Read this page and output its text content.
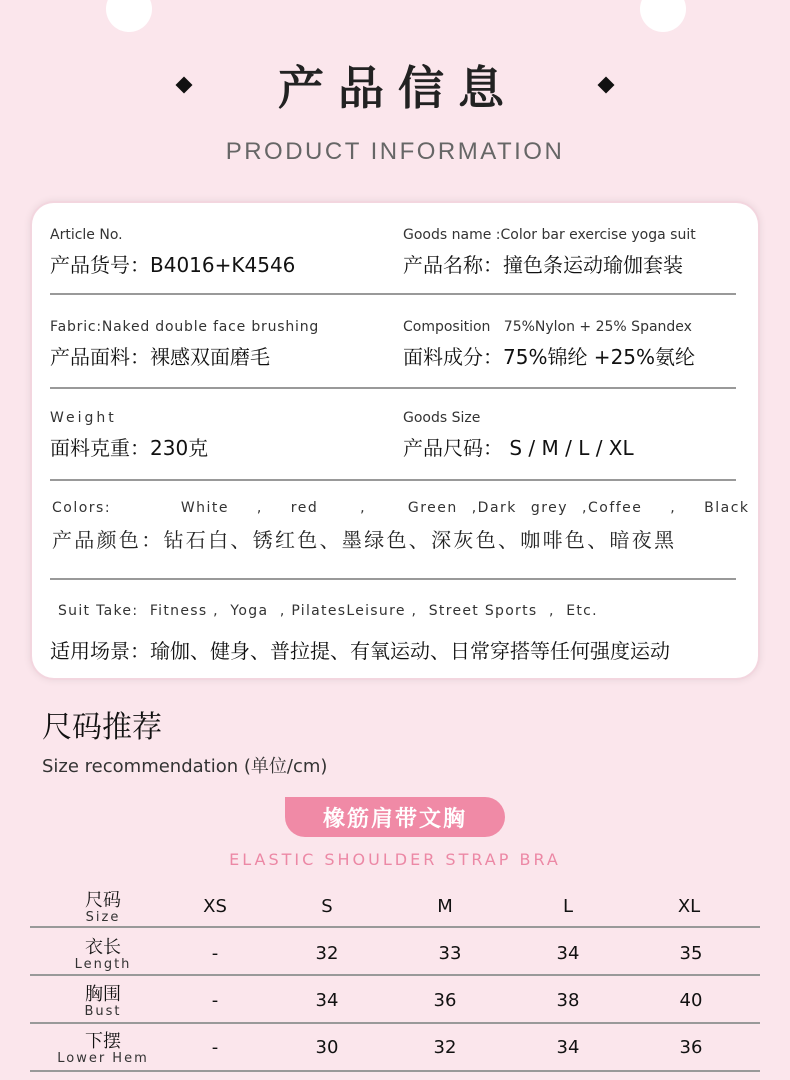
产品信息
PRODUCT INFORMATION
Article No.
产品货号：B4016+K4546
Goods name :Color bar exercise yoga suit
产品名称：撞色条运动瑜伽套装
Fabric:Naked double face brushing
产品面料：裸感双面磨毛
Composition   75%Nylon + 25% Spandex
面料成分：75%锦纶 +25%氨纶
Weight
面料克重：230克
Goods Size
产品尺码： S / M / L / XL
Colors:     White  ,  red   ,   Green ,Dark grey ,Coffee  ,  Black
产品颜色：钻石白、锈红色、墨绿色、深灰色、咖啡色、暗夜黑
Suit Take:  Fitness ,  Yoga  , PilatesLeisure ,  Street Sports  ,  Etc.
适用场景：瑜伽、健身、普拉提、有氧运动、日常穿搭等任何强度运动
尺码推荐
Size recommendation (单位/cm)
橡筋肩带文胸
ELASTIC SHOULDER STRAP BRA
尺码
Size
XS	S	M	L	XL
衣长
Length
-	32	33	34	35
胸围
Bust
-	34	36	38	40
下摆
Lower Hem
-	30	32	34	36
